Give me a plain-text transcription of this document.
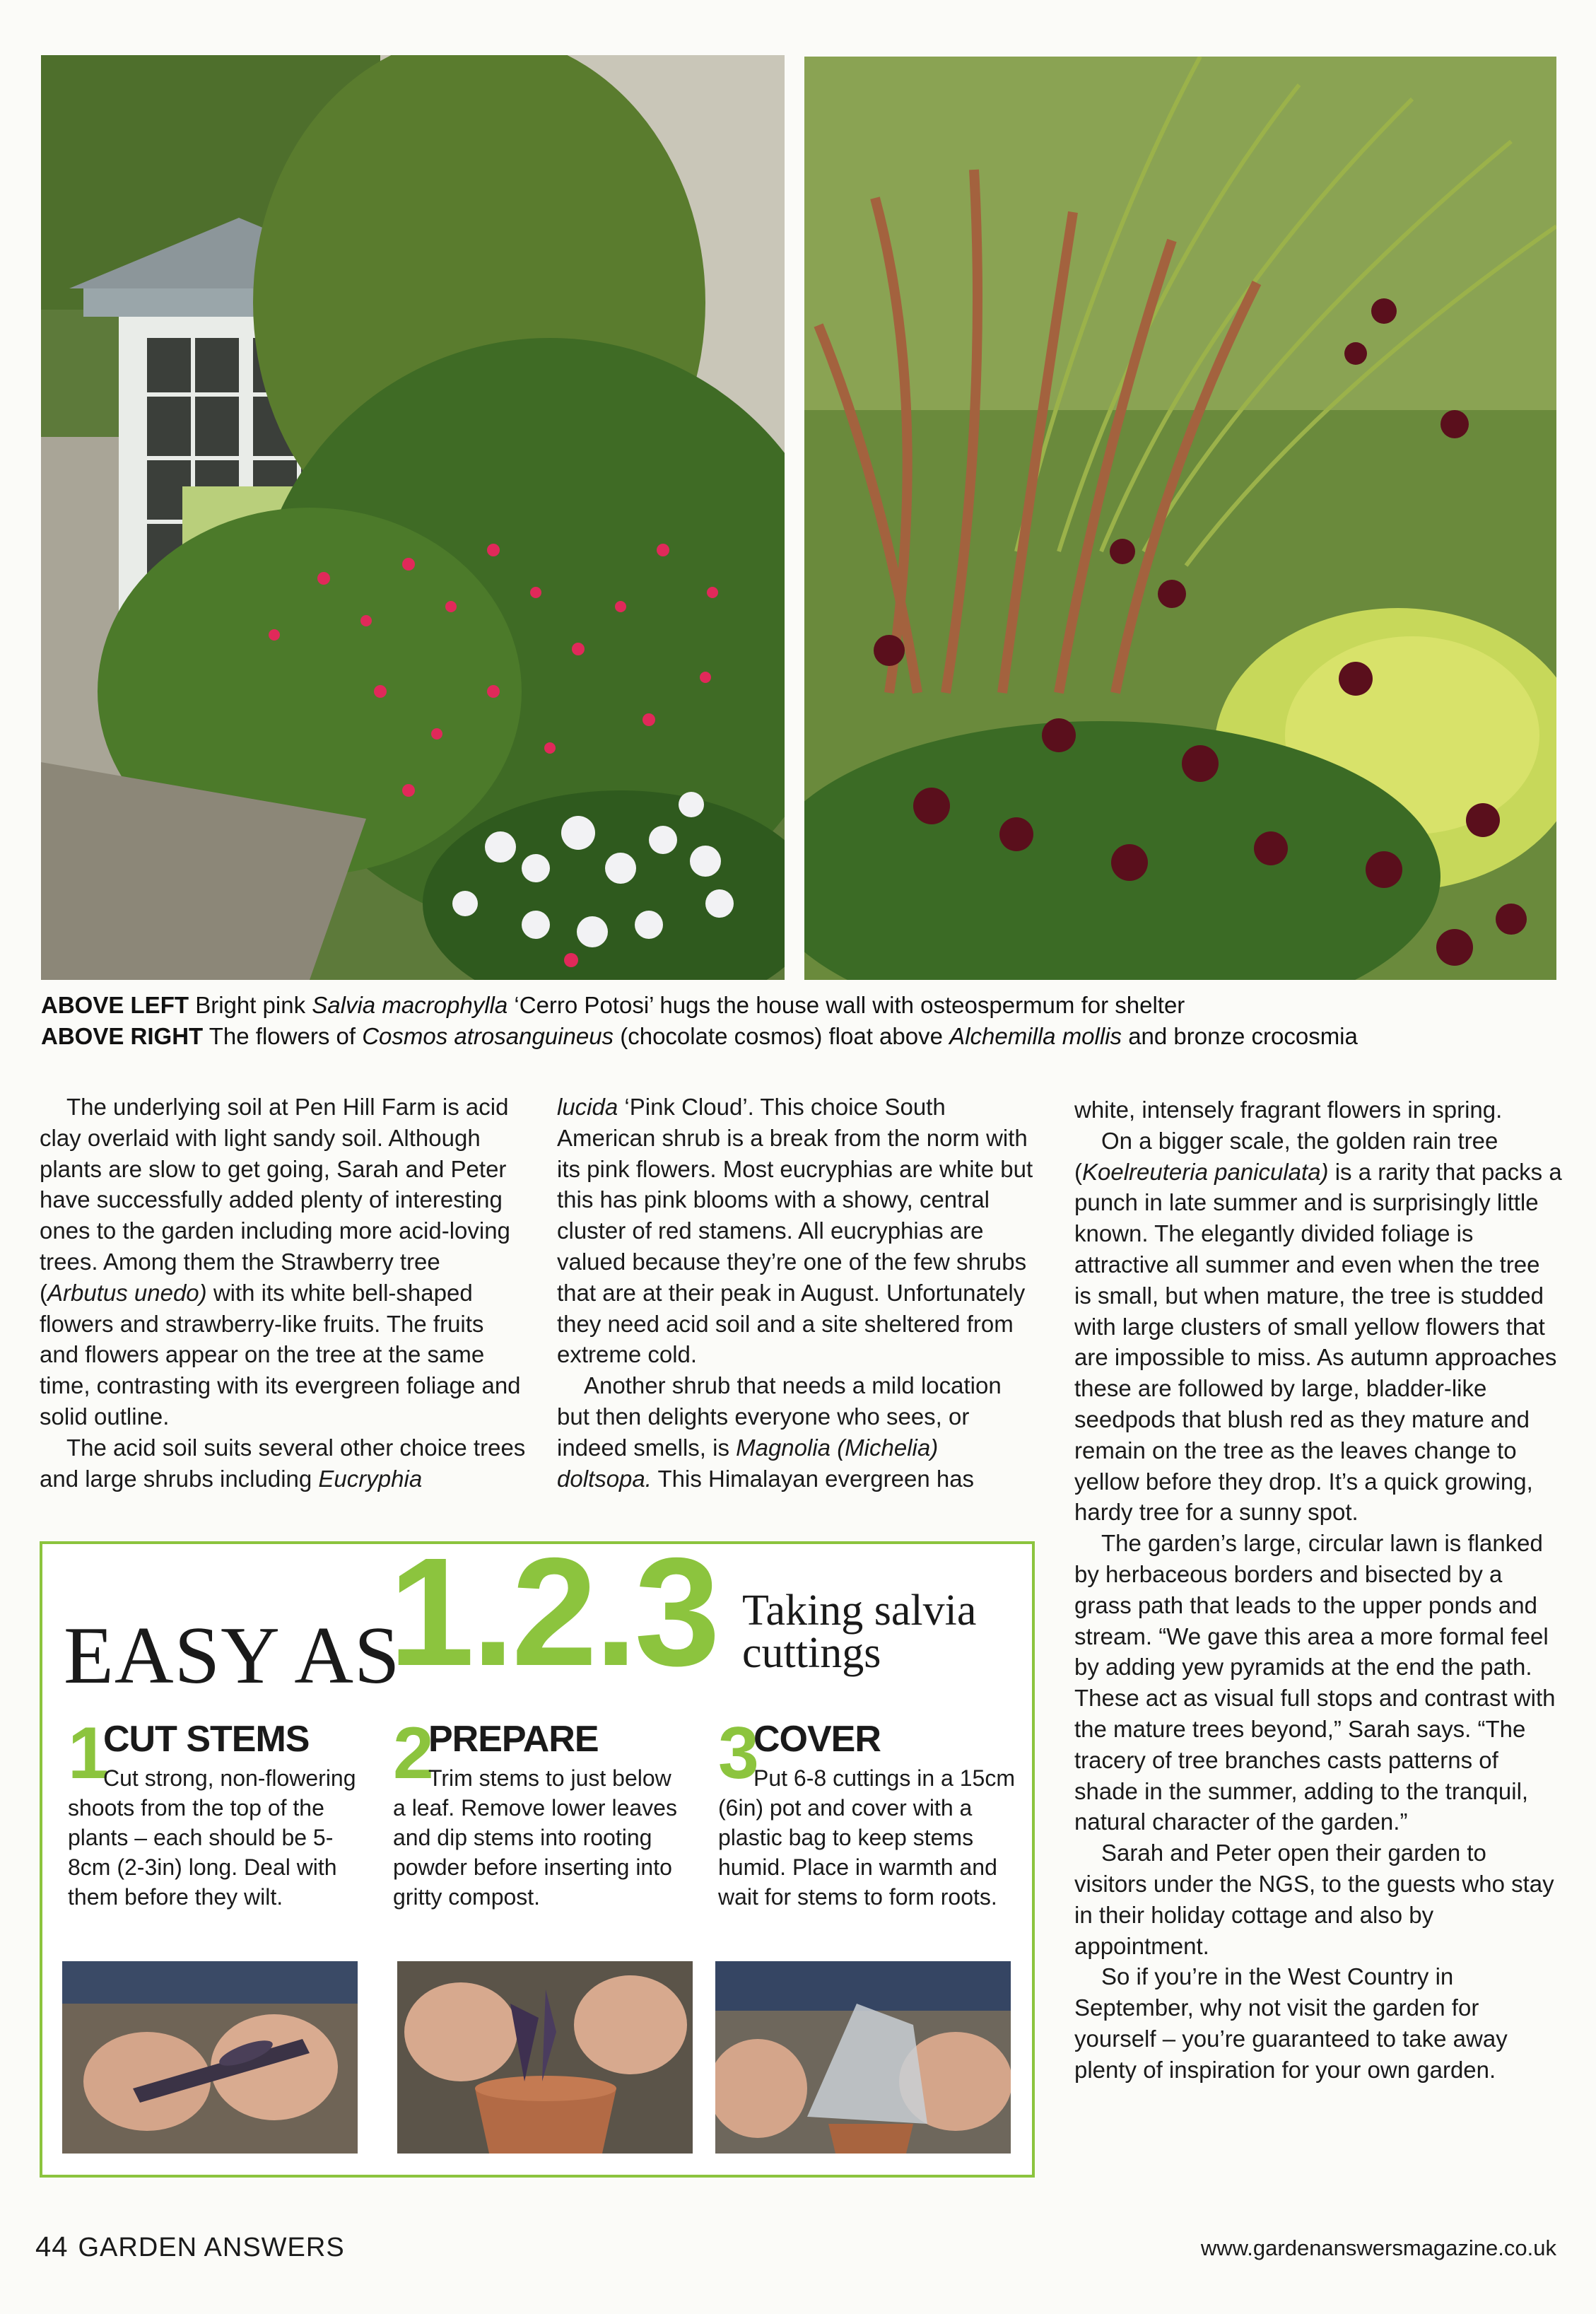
ABOVE LEFT Bright pink Salvia macrophylla ‘Cerro Potosi’ hugs the house wall with osteospermum for shelter
ABOVE RIGHT The flowers of Cosmos atrosanguineus (chocolate cosmos) float above Alchemilla mollis and bronze crocosmia

The underlying soil at Pen Hill Farm is acid clay overlaid with light sandy soil. Although plants are slow to get going, Sarah and Peter have successfully added plenty of interesting ones to the garden including more acid-loving trees. Among them the Strawberry tree (Arbutus unedo) with its white bell-shaped flowers and strawberry-like fruits. The fruits and flowers appear on the tree at the same time, contrasting with its evergreen foliage and solid outline.

The acid soil suits several other choice trees and large shrubs including Eucryphia

lucida ‘Pink Cloud’. This choice South American shrub is a break from the norm with its pink flowers. Most eucryphias are white but this has pink blooms with a showy, central cluster of red stamens. All eucryphias are valued because they’re one of the few shrubs that are at their peak in August. Unfortunately they need acid soil and a site sheltered from extreme cold.

Another shrub that needs a mild location but then delights everyone who sees, or indeed smells, is Magnolia (Michelia) doltsopa. This Himalayan evergreen has

white, intensely fragrant flowers in spring.

On a bigger scale, the golden rain tree (Koelreuteria paniculata) is a rarity that packs a punch in late summer and is surprisingly little known. The elegantly divided foliage is attractive all summer and even when the tree is small, but when mature, the tree is studded with large clusters of small yellow flowers that are impossible to miss. As autumn approaches these are followed by large, bladder-like seedpods that blush red as they mature and remain on the tree as the leaves change to yellow before they drop. It’s a quick growing, hardy tree for a sunny spot.

The garden’s large, circular lawn is flanked by herbaceous borders and bisected by a grass path that leads to the upper ponds and stream. “We gave this area a more formal feel by adding yew pyramids at the end the path. These act as visual full stops and contrast with the mature trees beyond,” Sarah says. “The tracery of tree branches casts patterns of shade in the summer, adding to the tranquil, natural character of the garden.”

Sarah and Peter open their garden to visitors under the NGS, to the guests who stay in their holiday cottage and also by appointment.

So if you’re in the West Country in September, why not visit the garden for yourself – you’re guaranteed to take away plenty of inspiration for your own garden.

EASY AS
1.2.3 Taking salvia cuttings
1
CUT STEMS
Cut strong, non-flowering shoots from the top of the plants – each should be 5-8cm (2-3in) long. Deal with them before they wilt.
2
PREPARE
Trim stems to just below a leaf. Remove lower leaves and dip stems into rooting powder before inserting into gritty compost.
3
COVER
Put 6-8 cuttings in a 15cm (6in) pot and cover with a plastic bag to keep stems humid. Place in warmth and wait for stems to form roots.
44 GARDEN ANSWERS	www.gardenanswersmagazine.co.uk
